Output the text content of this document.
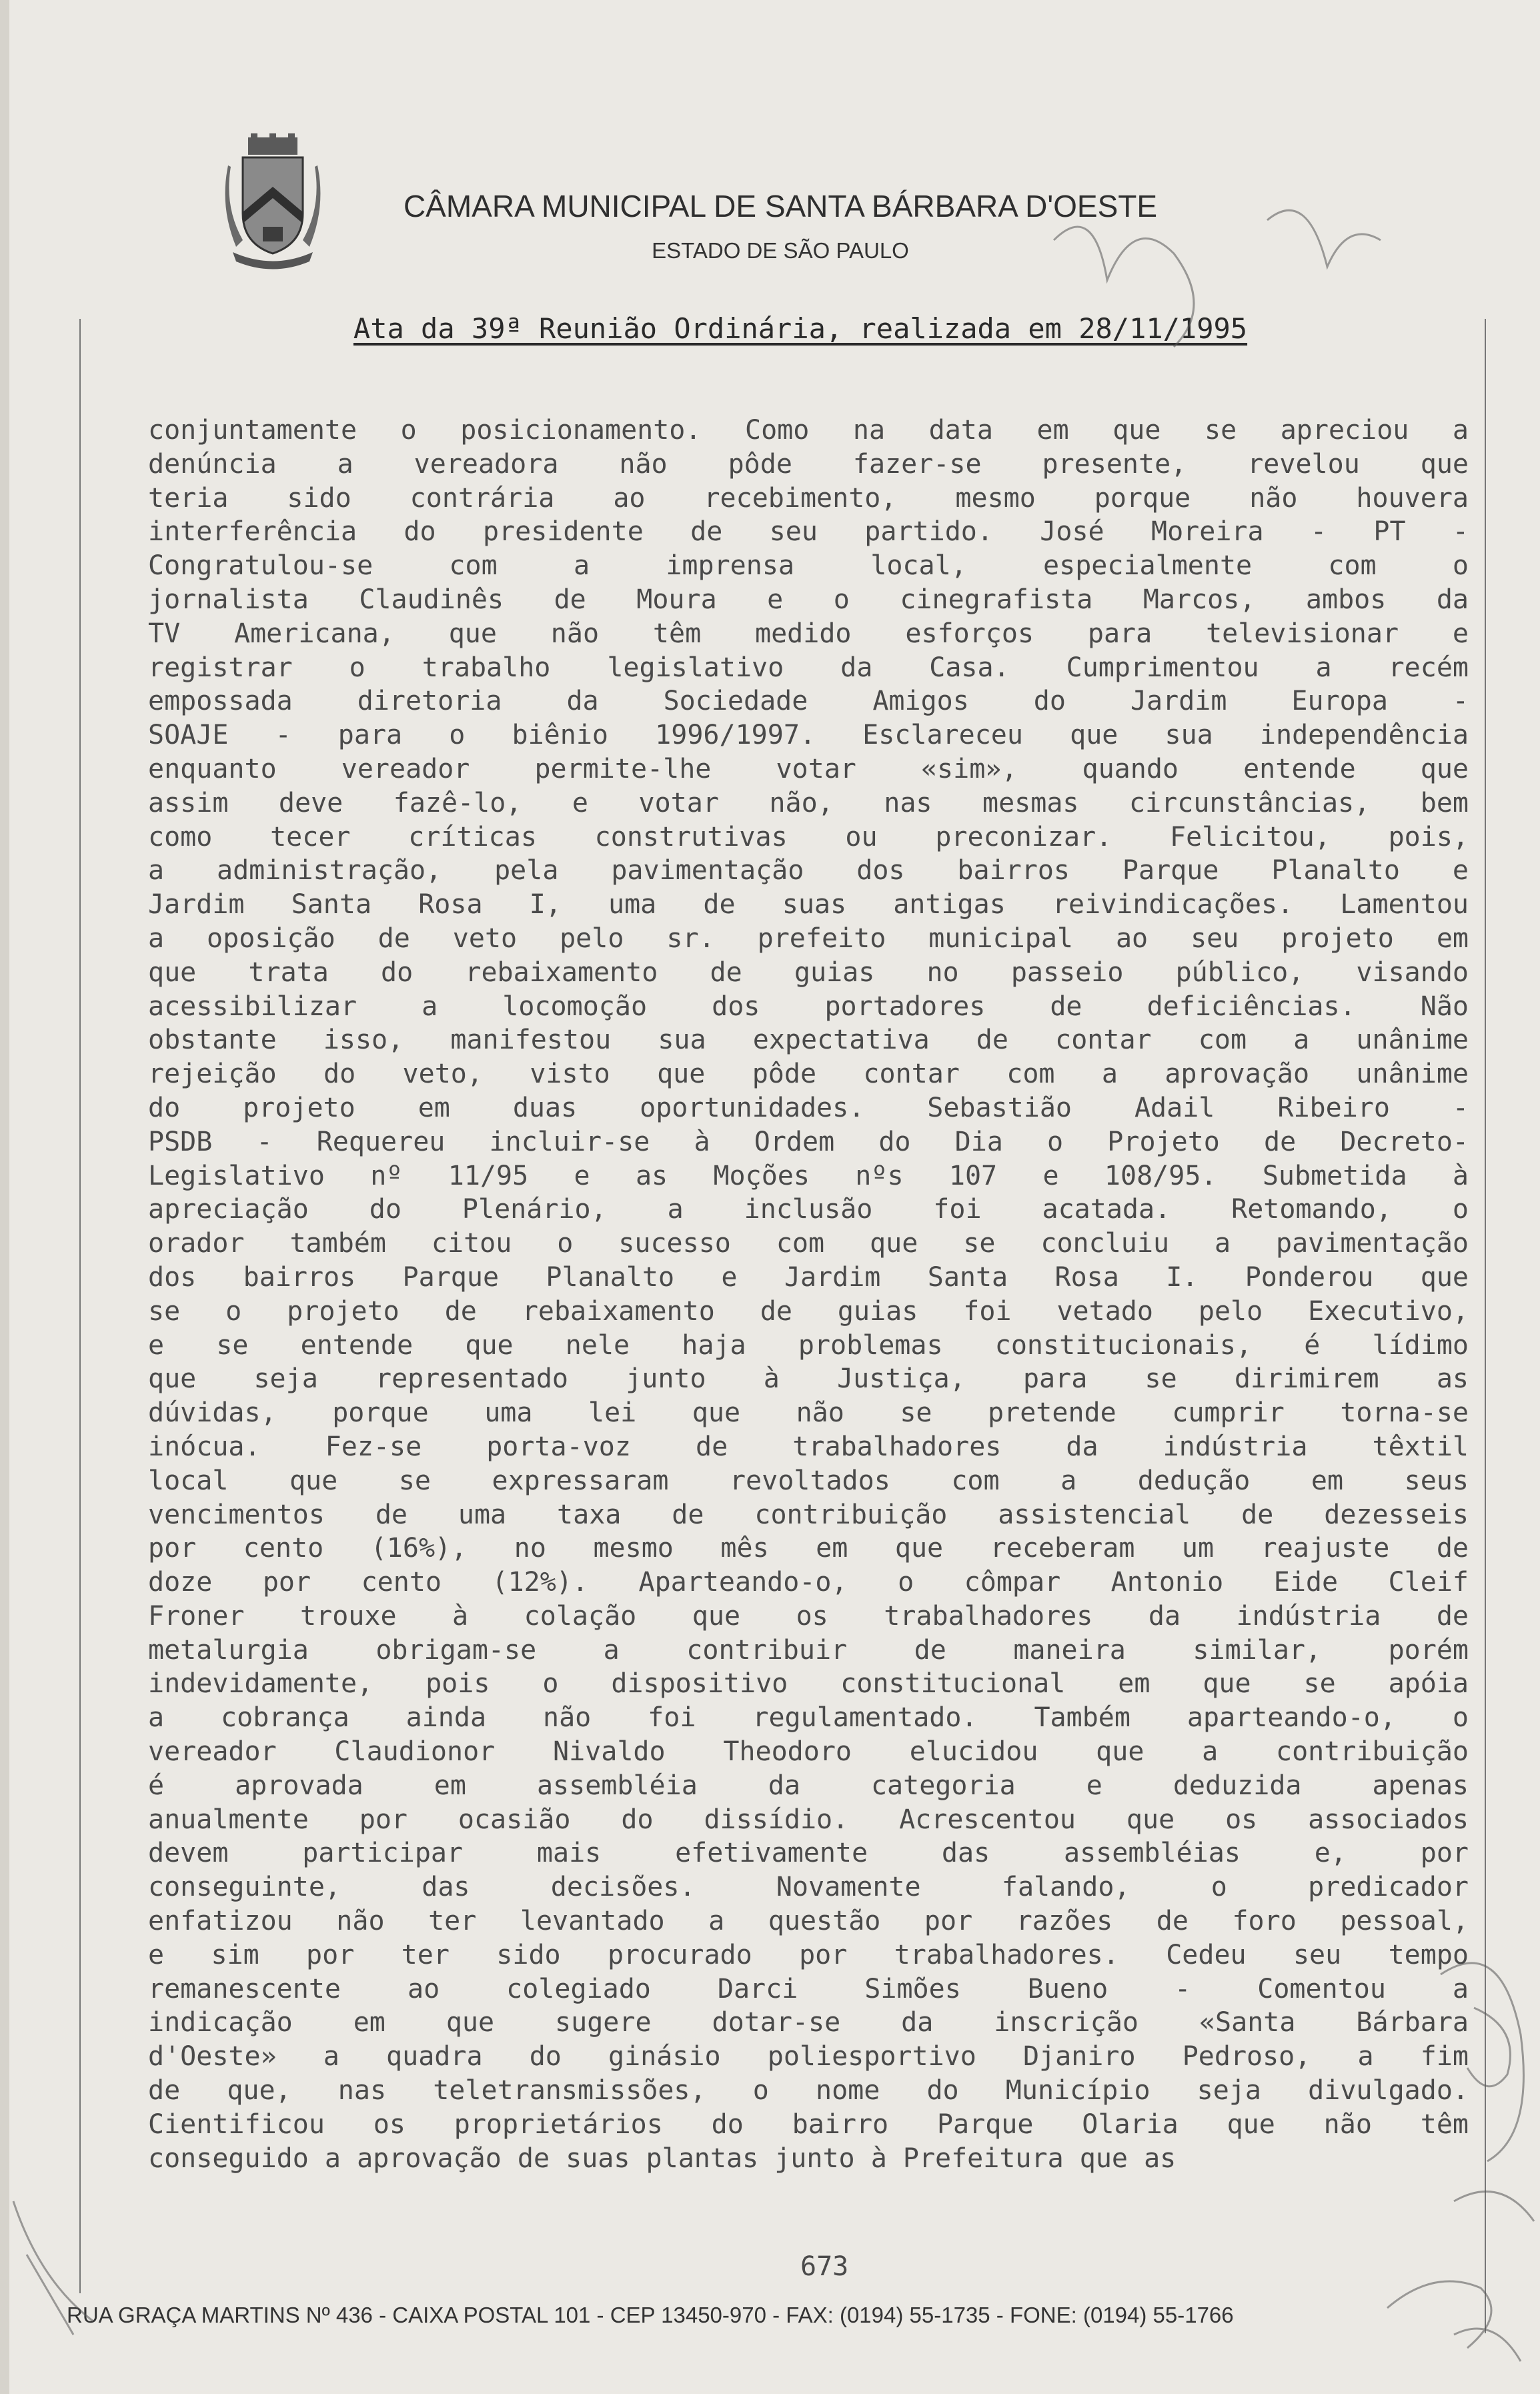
CÂMARA MUNICIPAL DE SANTA BÁRBARA D'OESTE
ESTADO DE SÃO PAULO
Ata da 39ª Reunião Ordinária, realizada em 28/11/1995
conjuntamente o posicionamento. Como na data em que se apreciou a
denúncia a vereadora não pôde fazer-se presente, revelou que
teria sido contrária ao recebimento, mesmo porque não houvera
interferência do presidente de seu partido. José Moreira - PT -
Congratulou-se com a imprensa local, especialmente com o
jornalista Claudinês de Moura e o cinegrafista Marcos, ambos da
TV Americana, que não têm medido esforços para televisionar e
registrar o trabalho legislativo da Casa. Cumprimentou a recém
empossada diretoria da Sociedade Amigos do Jardim Europa -
SOAJE - para o biênio 1996/1997. Esclareceu que sua independência
enquanto vereador permite-lhe votar «sim», quando entende que
assim deve fazê-lo, e votar não, nas mesmas circunstâncias, bem
como tecer críticas construtivas ou preconizar. Felicitou, pois,
a administração, pela pavimentação dos bairros Parque Planalto e
Jardim Santa Rosa I, uma de suas antigas reivindicações. Lamentou
a oposição de veto pelo sr. prefeito municipal ao seu projeto em
que trata do rebaixamento de guias no passeio público, visando
acessibilizar a locomoção dos portadores de deficiências. Não
obstante isso, manifestou sua expectativa de contar com a unânime
rejeição do veto, visto que pôde contar com a aprovação unânime
do projeto em duas oportunidades. Sebastião Adail Ribeiro -
PSDB - Requereu incluir-se à Ordem do Dia o Projeto de Decreto-
Legislativo nº 11/95 e as Moções nºs 107 e 108/95. Submetida à
apreciação do Plenário, a inclusão foi acatada. Retomando, o
orador também citou o sucesso com que se concluiu a pavimentação
dos bairros Parque Planalto e Jardim Santa Rosa I. Ponderou que
se o projeto de rebaixamento de guias foi vetado pelo Executivo,
e se entende que nele haja problemas constitucionais, é lídimo
que seja representado junto à Justiça, para se dirimirem as
dúvidas, porque uma lei que não se pretende cumprir torna-se
inócua. Fez-se porta-voz de trabalhadores da indústria têxtil
local que se expressaram revoltados com a dedução em seus
vencimentos de uma taxa de contribuição assistencial de dezesseis
por cento (16%), no mesmo mês em que receberam um reajuste de
doze por cento (12%). Aparteando-o, o cômpar Antonio Eide Cleif
Froner trouxe à colação que os trabalhadores da indústria de
metalurgia obrigam-se a contribuir de maneira similar, porém
indevidamente, pois o dispositivo constitucional em que se apóia
a cobrança ainda não foi regulamentado. Também aparteando-o, o
vereador Claudionor Nivaldo Theodoro elucidou que a contribuição
é aprovada em assembléia da categoria e deduzida apenas
anualmente por ocasião do dissídio. Acrescentou que os associados
devem participar mais efetivamente das assembléias e, por
conseguinte, das decisões. Novamente falando, o predicador
enfatizou não ter levantado a questão por razões de foro pessoal,
e sim por ter sido procurado por trabalhadores. Cedeu seu tempo
remanescente ao colegiado Darci Simões Bueno - Comentou a
indicação em que sugere dotar-se da inscrição «Santa Bárbara
d'Oeste» a quadra do ginásio poliesportivo Djaniro Pedroso, a fim
de que, nas teletransmissões, o nome do Município seja divulgado.
Cientificou os proprietários do bairro Parque Olaria que não têm
conseguido a aprovação de suas plantas junto à Prefeitura que as
673
RUA GRAÇA MARTINS Nº 436 - CAIXA POSTAL 101 - CEP 13450-970 - FAX: (0194) 55-1735 - FONE: (0194) 55-1766
